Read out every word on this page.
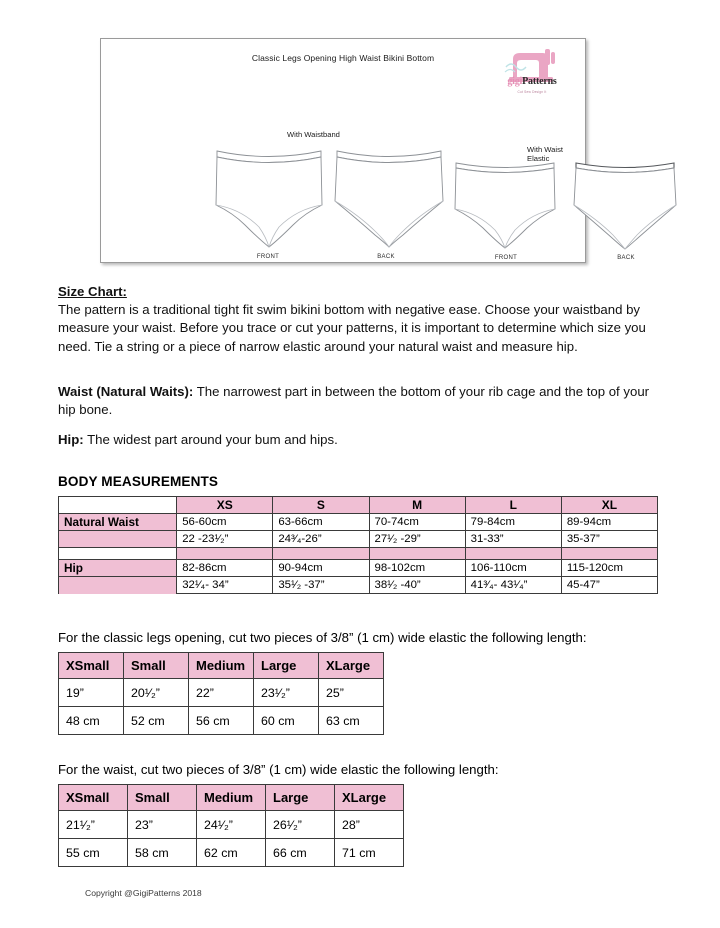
Classic Legs Opening High Waist Bikini Bottom
gigiPatterns
Cut Sew Design It
With Waistband
With Waist Elastic
FRONT	BACK	FRONT	BACK
Size Chart:
The pattern is a traditional tight fit swim bikini bottom with negative ease. Choose your waistband by measure your waist. Before you trace or cut your patterns, it is important to determine which size you need. Tie a string or a piece of narrow elastic around your natural waist and measure hip.
Waist (Natural Waits): The narrowest part in between the bottom of your rib cage and the top of your hip bone.
Hip: The widest part around your bum and hips.
BODY MEASUREMENTS
	XS	S	M	L	XL
Natural Waist	56-60cm	63-66cm	70-74cm	79-84cm	89-94cm
	22 -23¹⁄₂”	24³⁄₄-26”	27¹⁄₂ -29”	31-33”	35-37”

Hip	82-86cm	90-94cm	98-102cm	106-110cm	115-120cm
	32¹⁄₄- 34”	35¹⁄₂ -37”	38¹⁄₂ -40”	41³⁄₄- 43¹⁄₄”	45-47”
For the classic legs opening, cut two pieces of 3/8” (1 cm) wide elastic the following length:
XSmall	Small	Medium	Large	XLarge
19”	20¹⁄₂”	22”	23¹⁄₂”	25”
48 cm	52 cm	56 cm	60 cm	63 cm
For the waist, cut two pieces of 3/8” (1 cm) wide elastic the following length:
XSmall	Small	Medium	Large	XLarge
21¹⁄₂”	23”	24¹⁄₂”	26¹⁄₂”	28”
55 cm	58 cm	62 cm	66 cm	71 cm
Copyright @GigiPatterns 2018
